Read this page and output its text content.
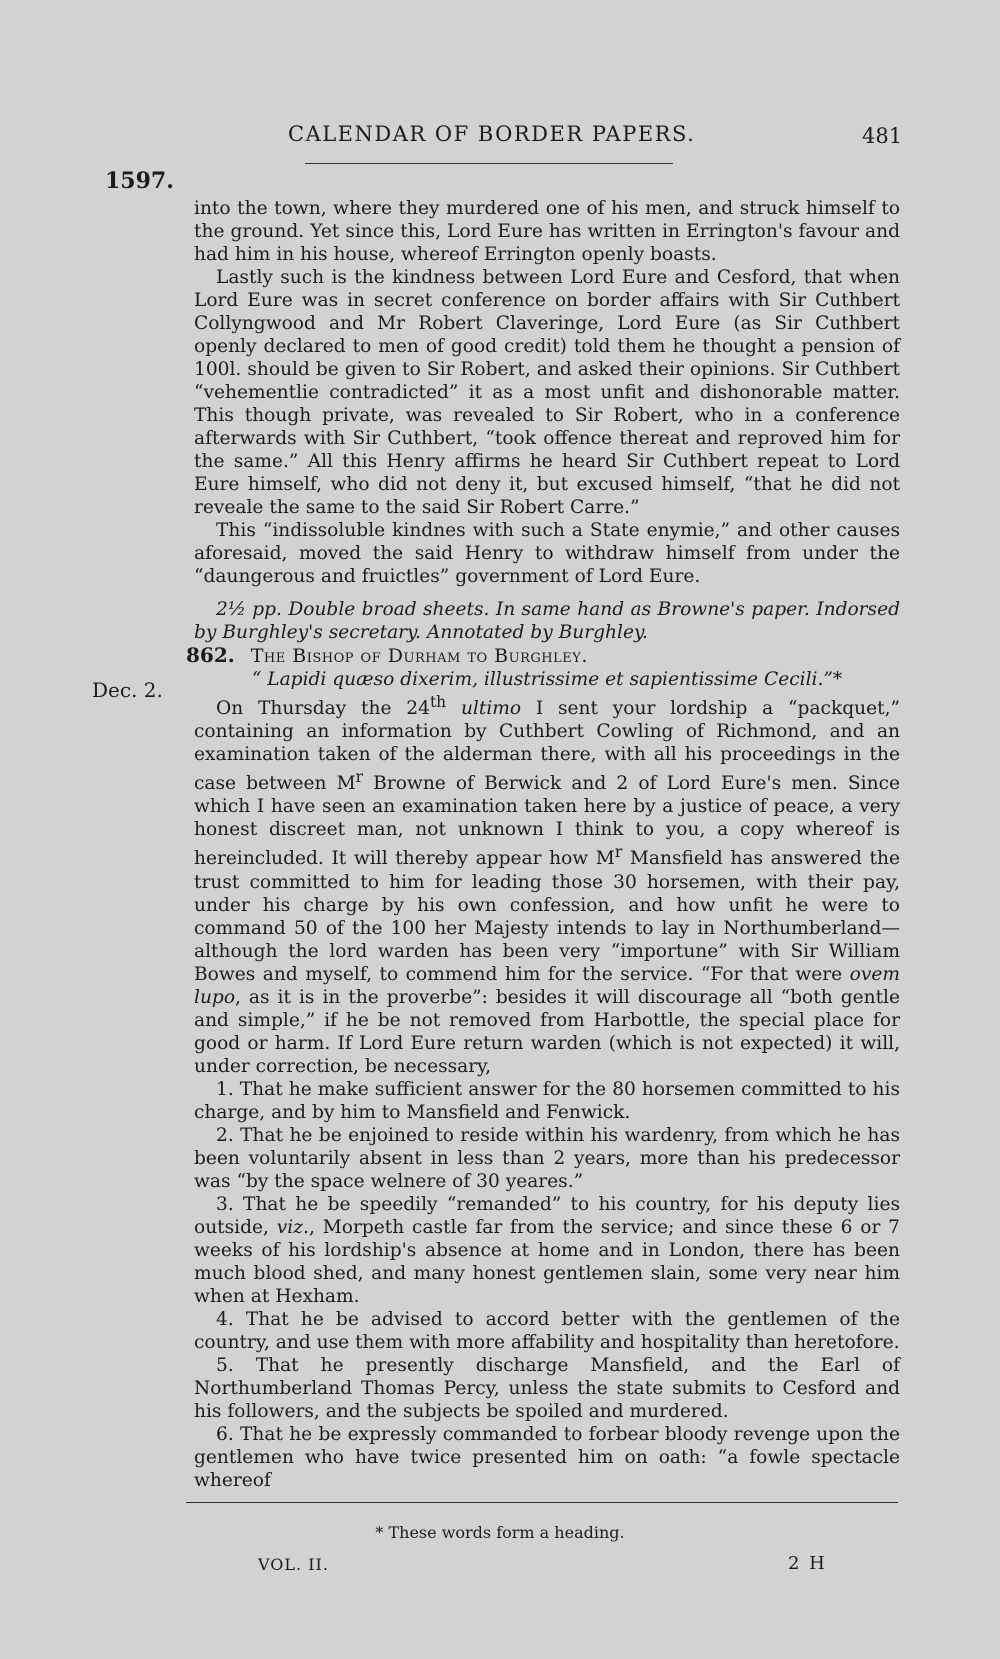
CALENDAR OF BORDER PAPERS.	481
1597.
Dec. 2.

into the town, where they murdered one of his men, and struck himself to the ground. Yet since this, Lord Eure has written in Errington's favour and had him in his house, whereof Errington openly boasts.

Lastly such is the kindness between Lord Eure and Cesford, that when Lord Eure was in secret conference on border affairs with Sir Cuthbert Collyngwood and Mr Robert Claveringe, Lord Eure (as Sir Cuthbert openly declared to men of good credit) told them he thought a pension of 100l. should be given to Sir Robert, and asked their opinions. Sir Cuthbert “vehementlie contradicted” it as a most unfit and dishonorable matter. This though private, was revealed to Sir Robert, who in a conference afterwards with Sir Cuthbert, “took offence thereat and reproved him for the same.” All this Henry affirms he heard Sir Cuthbert repeat to Lord Eure himself, who did not deny it, but excused himself, “that he did not reveale the same to the said Sir Robert Carre.”

This “indissoluble kindnes with such a State enymie,” and other causes aforesaid, moved the said Henry to withdraw himself from under the “daungerous and fruictles” government of Lord Eure.

2½ pp. Double broad sheets. In same hand as Browne's paper. Indorsed by Burghley's secretary. Annotated by Burghley.

862. The Bishop of Durham to Burghley.

“ Lapidi quæso dixerim, illustrissime et sapientissime Cecili.”*

On Thursday the 24th ultimo I sent your lordship a “packquet,” containing an information by Cuthbert Cowling of Richmond, and an examination taken of the alderman there, with all his proceedings in the case between $M^r$ Browne of Berwick and 2 of Lord Eure's men. Since which I have seen an examination taken here by a justice of peace, a very honest discreet man, not unknown I think to you, a copy whereof is hereincluded. It will thereby appear how $M^r$ Mansfield has answered the trust committed to him for leading those 30 horsemen, with their pay, under his charge by his own confession, and how unfit he were to command 50 of the 100 her Majesty intends to lay in Northumberland—although the lord warden has been very “importune” with Sir William Bowes and myself, to commend him for the service. “For that were ovem lupo, as it is in the proverbe”: besides it will discourage all “both gentle and simple,” if he be not removed from Harbottle, the special place for good or harm. If Lord Eure return warden (which is not expected) it will, under correction, be necessary,

1. That he make sufficient answer for the 80 horsemen committed to his charge, and by him to Mansfield and Fenwick.

2. That he be enjoined to reside within his wardenry, from which he has been voluntarily absent in less than 2 years, more than his predecessor was “by the space welnere of 30 yeares.”

3. That he be speedily “remanded” to his country, for his deputy lies outside, viz., Morpeth castle far from the service; and since these 6 or 7 weeks of his lordship's absence at home and in London, there has been much blood shed, and many honest gentlemen slain, some very near him when at Hexham.

4. That he be advised to accord better with the gentlemen of the country, and use them with more affability and hospitality than heretofore.

5. That he presently discharge Mansfield, and the Earl of Northumberland Thomas Percy, unless the state submits to Cesford and his followers, and the subjects be spoiled and murdered.

6. That he be expressly commanded to forbear bloody revenge upon the gentlemen who have twice presented him on oath: “a fowle spectacle whereof

* These words form a heading.
VOL. II.	2 H
